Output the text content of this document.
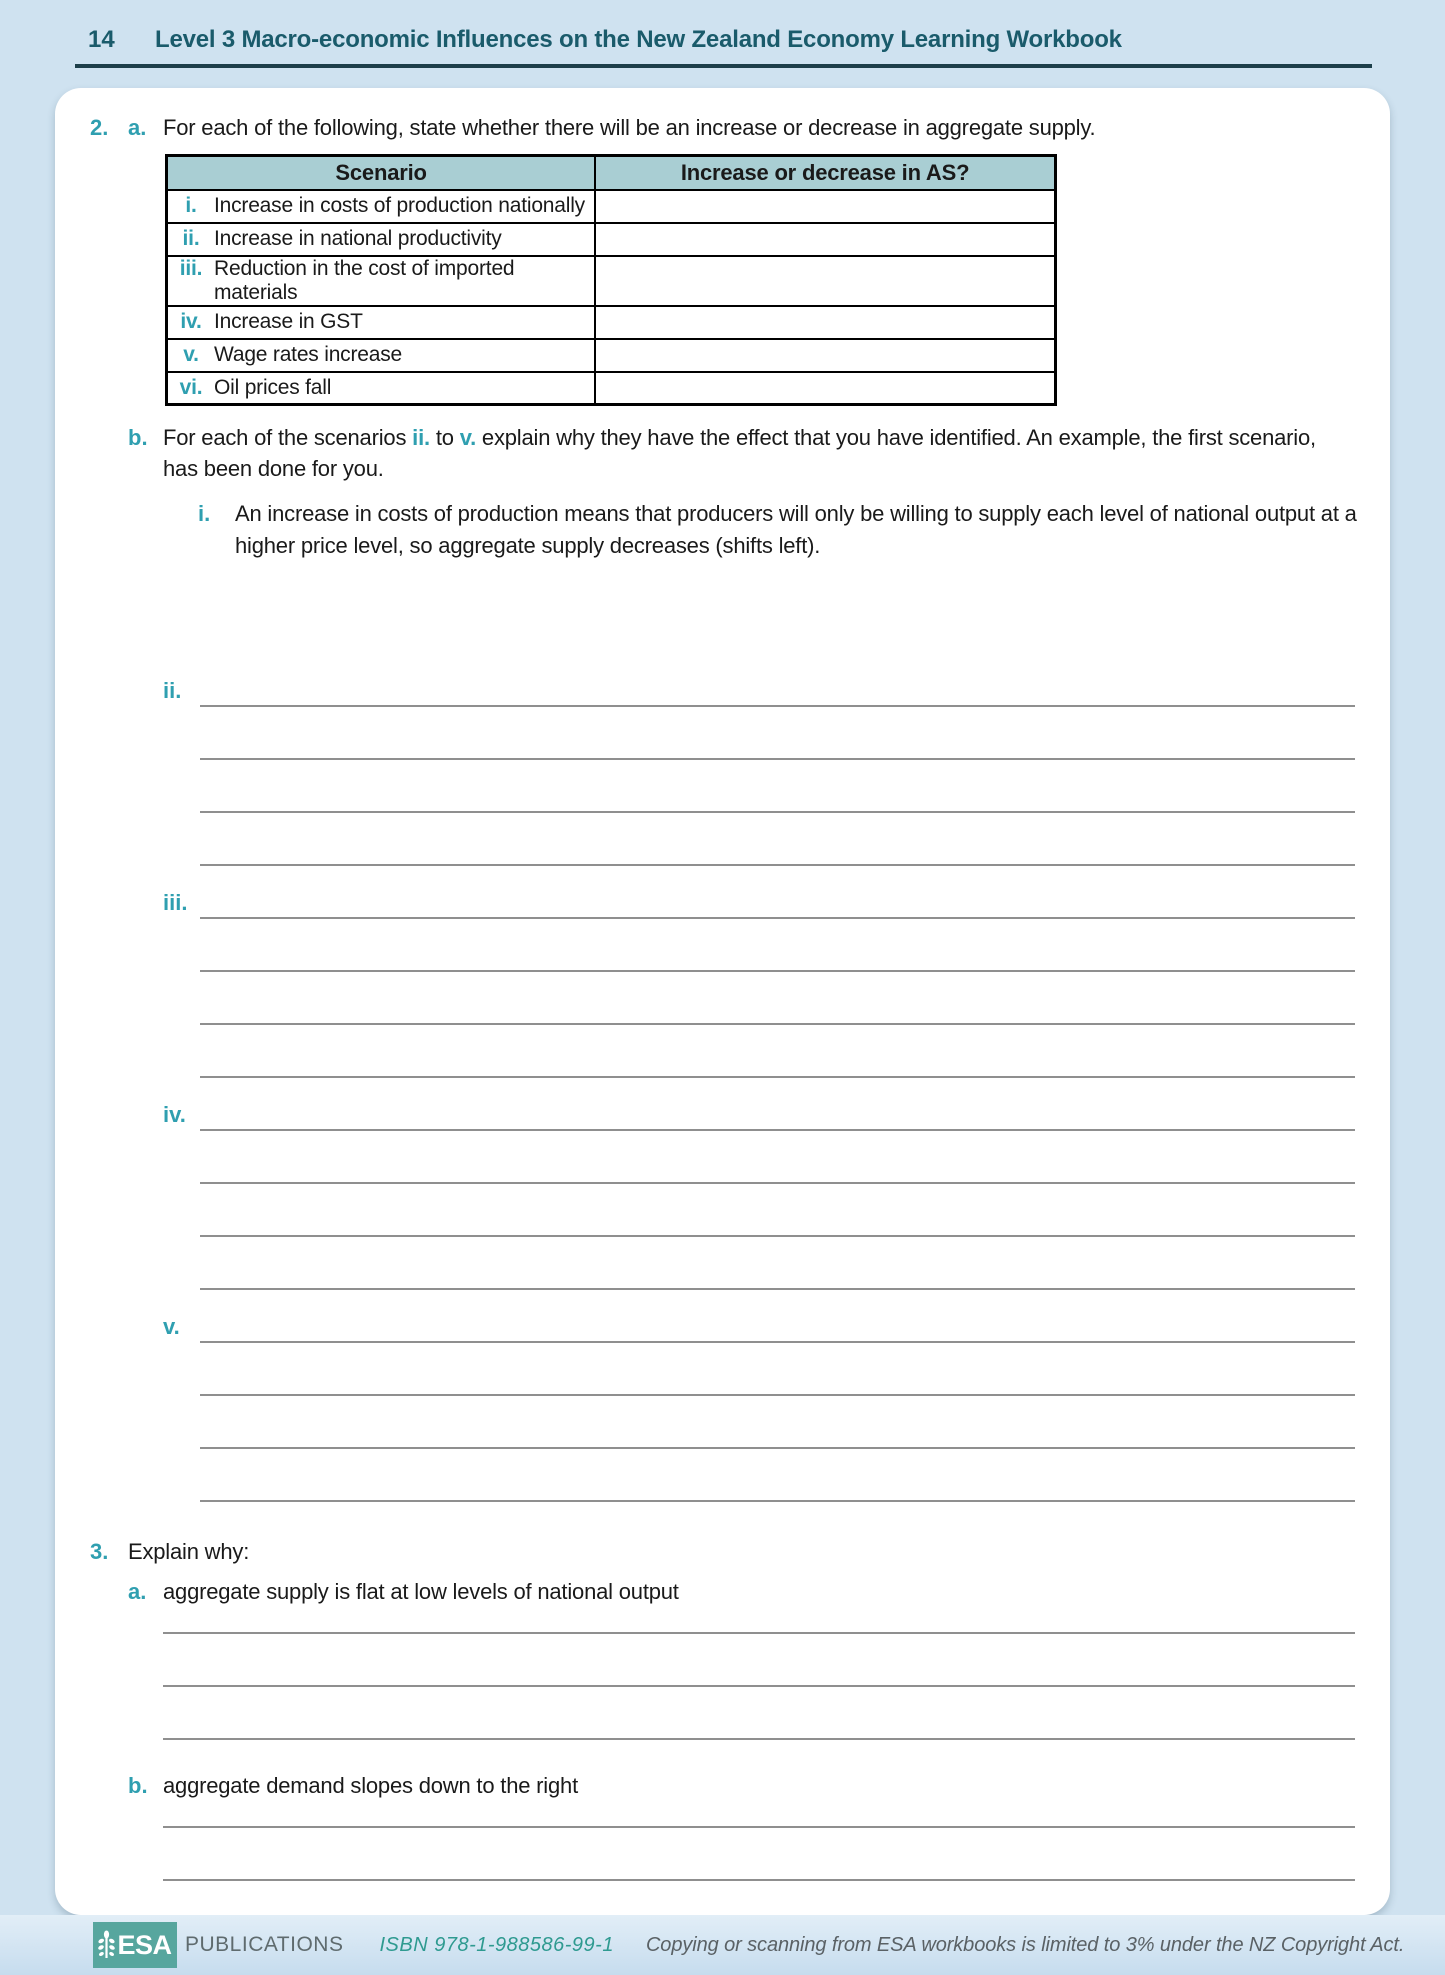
14	Level 3 Macro-economic Influences on the New Zealand Economy Learning Workbook
2. a. For each of the following, state whether there will be an increase or decrease in aggregate supply.
Scenario	Increase or decrease in AS?

i. Increase in costs of production nationally	

ii. Increase in national productivity	

iii. Reduction in the cost of imported materials	

iv. Increase in GST	

v. Wage rates increase	

vi. Oil prices fall	

b. For each of the scenarios ii. to v. explain why they have the effect that you have identified. An example, the first scenario, has been done for you.
i.	An increase in costs of production means that producers will only be willing to supply each level of national output at a higher price level, so aggregate supply decreases (shifts left).
ii.
iii.
iv.
v.
3. Explain why:
a. aggregate supply is flat at low levels of national output
b. aggregate demand slopes down to the right
ESA PUBLICATIONS ISBN 978-1-988586-99-1 Copying or scanning from ESA workbooks is limited to 3% under the NZ Copyright Act.
